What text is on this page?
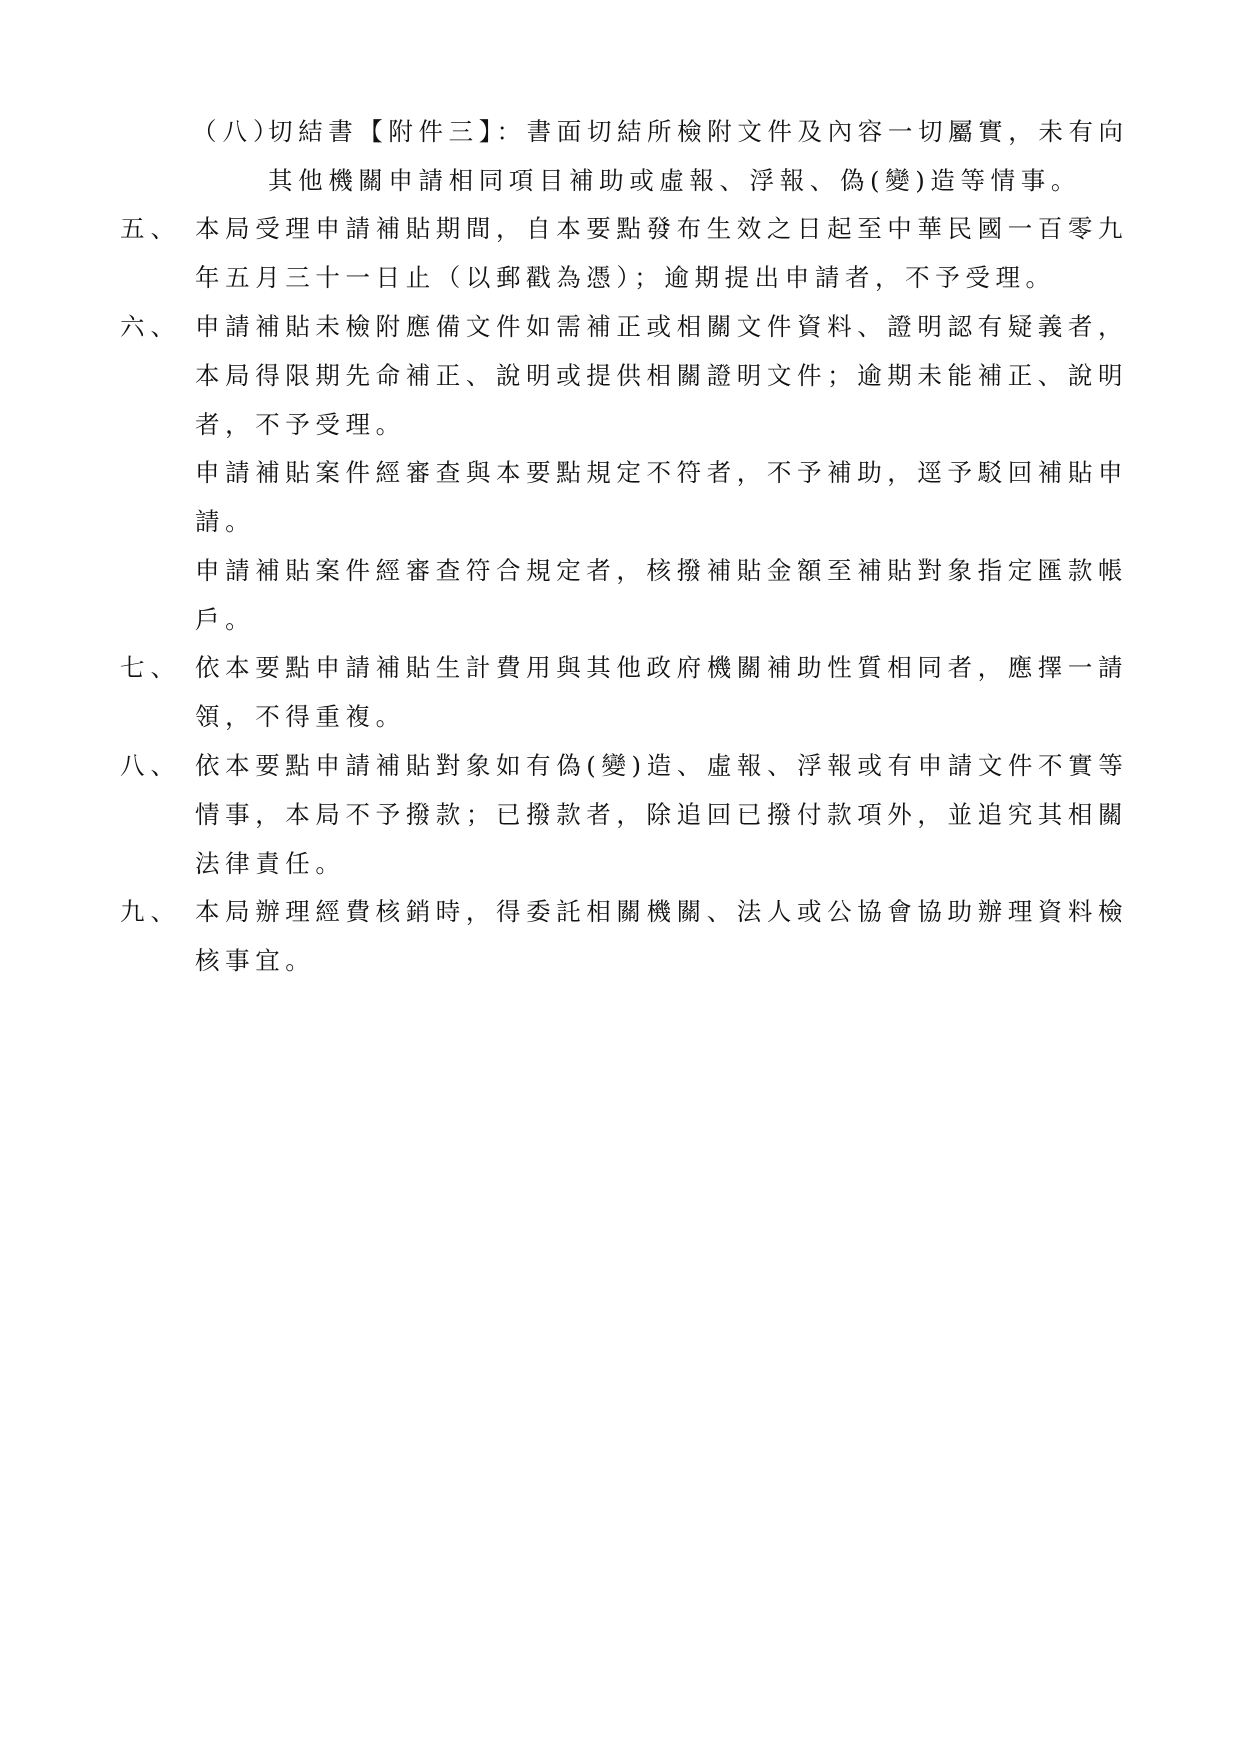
（八）
切結書【附件三】：書面切結所檢附文件及內容一切屬實，未有向
其他機關申請相同項目補助或虛報、浮報、偽(變)造等情事。
五、 本局受理申請補貼期間，自本要點發布生效之日起至中華民國一百零九
年五月三十一日止（以郵戳為憑）；逾期提出申請者，不予受理。
六、 申請補貼未檢附應備文件如需補正或相關文件資料、證明認有疑義者，
本局得限期先命補正、說明或提供相關證明文件；逾期未能補正、說明
者，不予受理。
申請補貼案件經審查與本要點規定不符者，不予補助，逕予駁回補貼申
請。
申請補貼案件經審查符合規定者，核撥補貼金額至補貼對象指定匯款帳
戶。
七、 依本要點申請補貼生計費用與其他政府機關補助性質相同者，應擇一請
領，不得重複。
八、 依本要點申請補貼對象如有偽(變)造、虛報、浮報或有申請文件不實等
情事，本局不予撥款；已撥款者，除追回已撥付款項外，並追究其相關
法律責任。
九、 本局辦理經費核銷時，得委託相關機關、法人或公協會協助辦理資料檢
核事宜。
